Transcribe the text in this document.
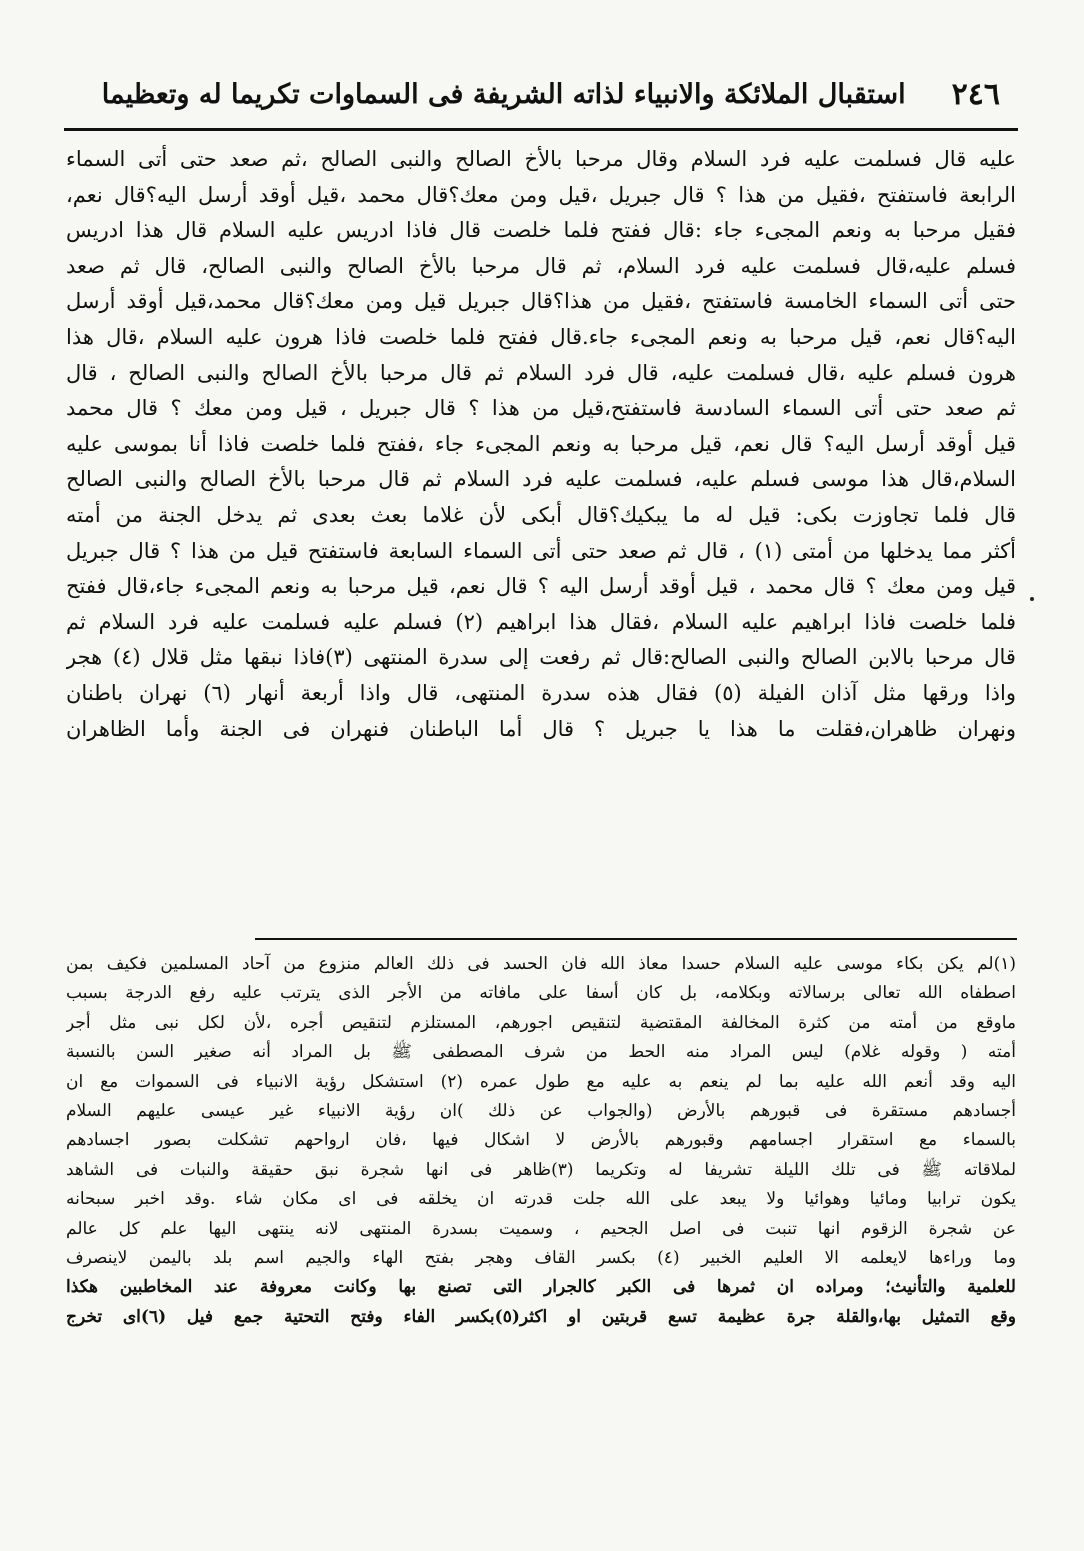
٢٤٦
استقبال الملائكة والانبياء لذاته الشريفة فى السماوات تكريما له وتعظيما
عليه قال فسلمت عليه فرد السلام وقال مرحبا بالأخ الصالح والنبى الصالح ،ثم صعد حتى أتى السماء
الرابعة فاستفتح ،فقيل من هذا ؟ قال جبريل ،قيل ومن معك؟قال محمد ،قيل أوقد أرسل اليه؟قال نعم،
فقيل مرحبا به ونعم المجىء جاء :قال ففتح فلما خلصت قال فاذا ادريس عليه السلام قال هذا ادريس
فسلم عليه،قال فسلمت عليه فرد السلام، ثم قال مرحبا بالأخ الصالح والنبى الصالح، قال ثم صعد
حتى أتى السماء الخامسة فاستفتح ،فقيل من هذا؟قال جبريل قيل ومن معك؟قال محمد،قيل أوقد أرسل
اليه؟قال نعم، قيل مرحبا به ونعم المجىء جاء.قال ففتح فلما خلصت فاذا هرون عليه السلام ،قال هذا
هرون فسلم عليه ،قال فسلمت عليه، قال فرد السلام ثم قال مرحبا بالأخ الصالح والنبى الصالح ، قال
ثم صعد حتى أتى السماء السادسة فاستفتح،قيل من هذا ؟ قال جبريل ، قيل ومن معك ؟ قال محمد
قيل أوقد أرسل اليه؟ قال نعم، قيل مرحبا به ونعم المجىء جاء ،ففتح فلما خلصت فاذا أنا بموسى عليه
السلام،قال هذا موسى فسلم عليه، فسلمت عليه فرد السلام ثم قال مرحبا بالأخ الصالح والنبى الصالح
قال فلما تجاوزت بكى: قيل له ما يبكيك؟قال أبكى لأن غلاما بعث بعدى ثم يدخل الجنة من أمته
أكثر مما يدخلها من أمتى (١) ، قال ثم صعد حتى أتى السماء السابعة فاستفتح قيل من هذا ؟ قال جبريل
قيل ومن معك ؟ قال محمد ، قيل أوقد أرسل اليه ؟ قال نعم، قيل مرحبا به ونعم المجىء جاء،قال ففتح
فلما خلصت فاذا ابراهيم عليه السلام ،فقال هذا ابراهيم (٢) فسلم عليه فسلمت عليه فرد السلام ثم
قال مرحبا بالابن الصالح والنبى الصالح:قال ثم رفعت إلى سدرة المنتهى (٣)فاذا نبقها مثل قلال (٤) هجر
واذا ورقها مثل آذان الفيلة (٥) فقال هذه سدرة المنتهى، قال واذا أربعة أنهار (٦) نهران باطنان
ونهران ظاهران،فقلت ما هذا يا جبريل ؟ قال أما الباطنان فنهران فى الجنة وأما الظاهران
(١)لم يكن بكاء موسى عليه السلام حسدا معاذ الله فان الحسد فى ذلك العالم منزوع من آحاد المسلمين فكيف بمن
اصطفاه الله تعالى برسالاته وبكلامه، بل كان أسفا على مافاته من الأجر الذى يترتب عليه رفع الدرجة بسبب
ماوقع من أمته من كثرة المخالفة المقتضية لتنقيص اجورهم، المستلزم لتنقيص أجره ،لأن لكل نبى مثل أجر
أمته ( وقوله غلام) ليس المراد منه الحط من شرف المصطفى ﷺ بل المراد أنه صغير السن بالنسبة
اليه وقد أنعم الله عليه بما لم ينعم به عليه مع طول عمره (٢) استشكل رؤية الانبياء فى السموات مع ان
أجسادهم مستقرة فى قبورهم بالأرض (والجواب عن ذلك )ان رؤية الانبياء غير عيسى عليهم السلام
بالسماء مع استقرار اجسامهم وقبورهم بالأرض لا اشكال فيها ،فان ارواحهم تشكلت بصور اجسادهم
لملاقاته ﷺ فى تلك الليلة تشريفا له وتكريما (٣)ظاهر فى انها شجرة نبق حقيقة والنبات فى الشاهد
يكون ترابيا ومائيا وهوائيا ولا يبعد على الله جلت قدرته ان يخلقه فى اى مكان شاء .وقد اخبر سبحانه
عن شجرة الزقوم انها تنبت فى اصل الجحيم ، وسميت بسدرة المنتهى لانه ينتهى اليها علم كل عالم
وما وراءها لايعلمه الا العليم الخبير (٤) بكسر القاف وهجر بفتح الهاء والجيم اسم بلد باليمن لاينصرف
للعلمية والتأنيث؛ ومراده ان ثمرها فى الكبر كالجرار التى تصنع بها وكانت معروفة عند المخاطبين هكذا
وقع التمثيل بها،والقلة جرة عظيمة تسع قربتين او اكثر(٥)بكسر الفاء وفتح التحتية جمع فيل (٦)اى تخرج
